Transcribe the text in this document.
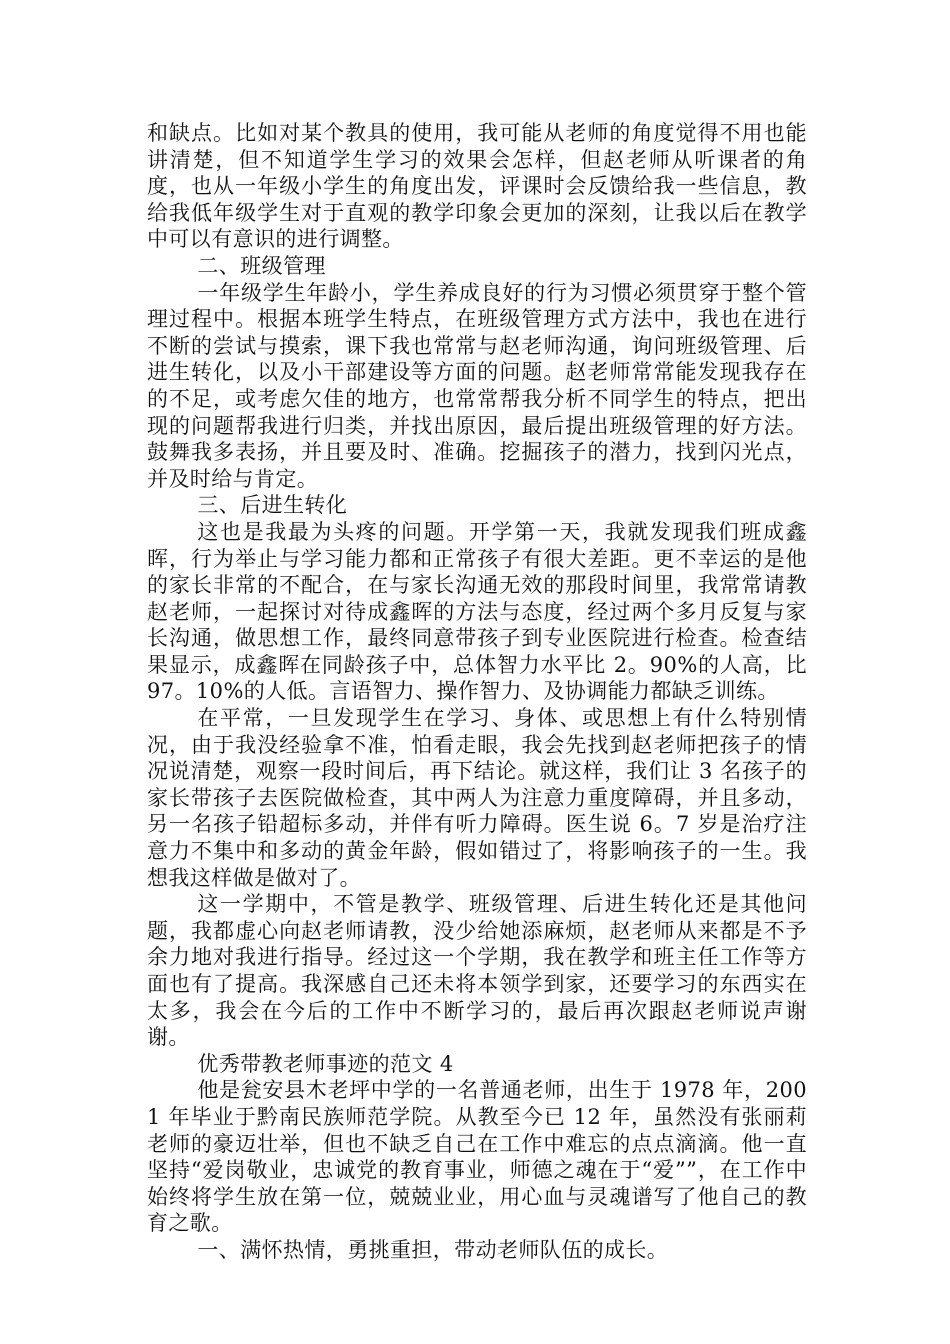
和缺点。比如对某个教具的使用，我可能从老师的角度觉得不用也能讲清楚，但不知道学生学习的效果会怎样，但赵老师从听课者的角度，也从一年级小学生的角度出发，评课时会反馈给我一些信息，教给我低年级学生对于直观的教学印象会更加的深刻，让我以后在教学中可以有意识的进行调整。

二、班级管理

一年级学生年龄小，学生养成良好的行为习惯必须贯穿于整个管理过程中。根据本班学生特点，在班级管理方式方法中，我也在进行不断的尝试与摸索，课下我也常常与赵老师沟通，询问班级管理、后进生转化，以及小干部建设等方面的问题。赵老师常常能发现我存在的不足，或考虑欠佳的地方，也常常帮我分析不同学生的特点，把出现的问题帮我进行归类，并找出原因，最后提出班级管理的好方法。鼓舞我多表扬，并且要及时、准确。挖掘孩子的潜力，找到闪光点，并及时给与肯定。

三、后进生转化

这也是我最为头疼的问题。开学第一天，我就发现我们班成鑫晖，行为举止与学习能力都和正常孩子有很大差距。更不幸运的是他的家长非常的不配合，在与家长沟通无效的那段时间里，我常常请教赵老师，一起探讨对待成鑫晖的方法与态度，经过两个多月反复与家长沟通，做思想工作，最终同意带孩子到专业医院进行检查。检查结果显示，成鑫晖在同龄孩子中，总体智力水平比 2。90%的人高，比 97。10%的人低。言语智力、操作智力、及协调能力都缺乏训练。

在平常，一旦发现学生在学习、身体、或思想上有什么特别情况，由于我没经验拿不准，怕看走眼，我会先找到赵老师把孩子的情况说清楚，观察一段时间后，再下结论。就这样，我们让 3 名孩子的家长带孩子去医院做检查，其中两人为注意力重度障碍，并且多动，另一名孩子铅超标多动，并伴有听力障碍。医生说 6。7 岁是治疗注意力不集中和多动的黄金年龄，假如错过了，将影响孩子的一生。我想我这样做是做对了。

这一学期中，不管是教学、班级管理、后进生转化还是其他问题，我都虚心向赵老师请教，没少给她添麻烦，赵老师从来都是不予余力地对我进行指导。经过这一个学期，我在教学和班主任工作等方面也有了提高。我深感自己还未将本领学到家，还要学习的东西实在太多，我会在今后的工作中不断学习的，最后再次跟赵老师说声谢谢。

优秀带教老师事迹的范文 4

他是瓮安县木老坪中学的一名普通老师，出生于 1978 年，2001 年毕业于黔南民族师范学院。从教至今已 12 年，虽然没有张丽莉老师的豪迈壮举，但也不缺乏自己在工作中难忘的点点滴滴。他一直坚持“爱岗敬业，忠诚党的教育事业，师德之魂在于“爱””，在工作中始终将学生放在第一位，兢兢业业，用心血与灵魂谱写了他自己的教育之歌。

一、满怀热情，勇挑重担，带动老师队伍的成长。
